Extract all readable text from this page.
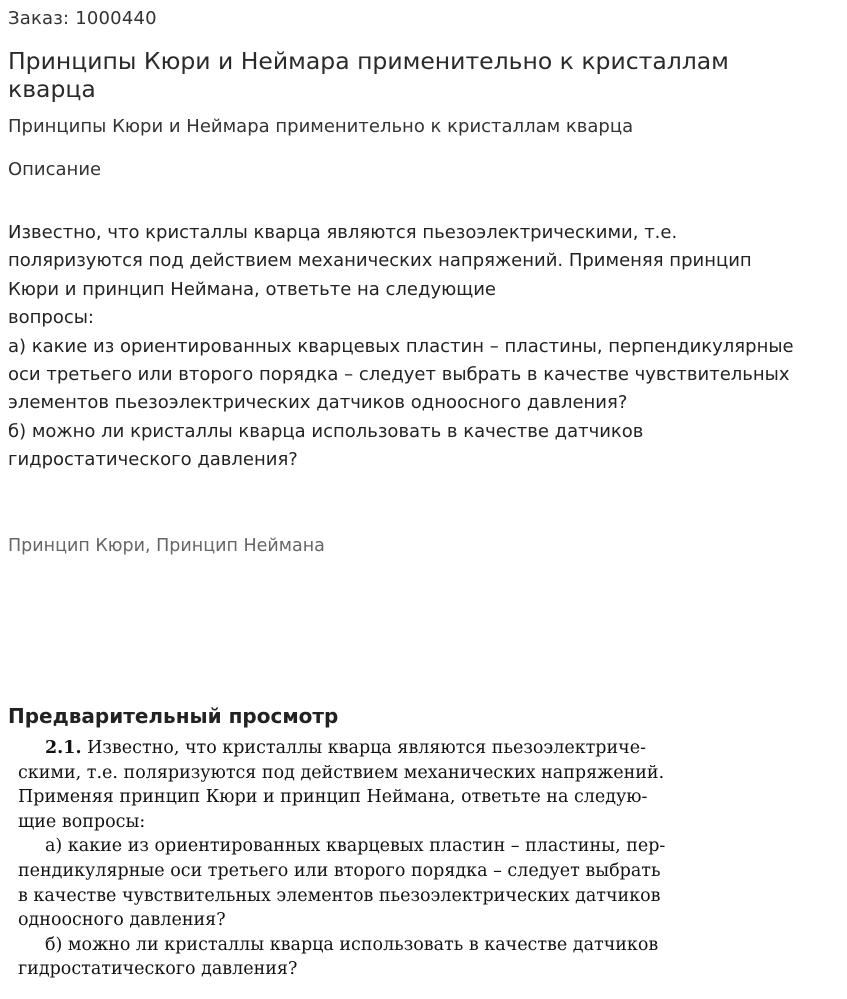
Заказ: 1000440
Принципы Кюри и Неймара применительно к кристаллам кварца
Принципы Кюри и Неймара применительно к кристаллам кварца
Описание
Известно, что кристаллы кварца являются пьезоэлектрическими, т.е.
поляризуются под действием механических напряжений. Применяя принцип
Кюри и принцип Неймана, ответьте на следующие
вопросы:
а) какие из ориентированных кварцевых пластин – пластины, перпендикулярные
оси третьего или второго порядка – следует выбрать в качестве чувствительных
элементов пьезоэлектрических датчиков одноосного давления?
б) можно ли кристаллы кварца использовать в качестве датчиков
гидростатического давления?
Принцип Кюри, Принцип Неймана
Предварительный просмотр
2.1. Известно, что кристаллы кварца являются пьезоэлектриче-
скими, т.е. поляризуются под действием механических напряжений.
Применяя принцип Кюри и принцип Неймана, ответьте на следую-
щие вопросы:
а) какие из ориентированных кварцевых пластин – пластины, пер-
пендикулярные оси третьего или второго порядка – следует выбрать
в качестве чувствительных элементов пьезоэлектрических датчиков
одноосного давления?
б) можно ли кристаллы кварца использовать в качестве датчиков
гидростатического давления?
